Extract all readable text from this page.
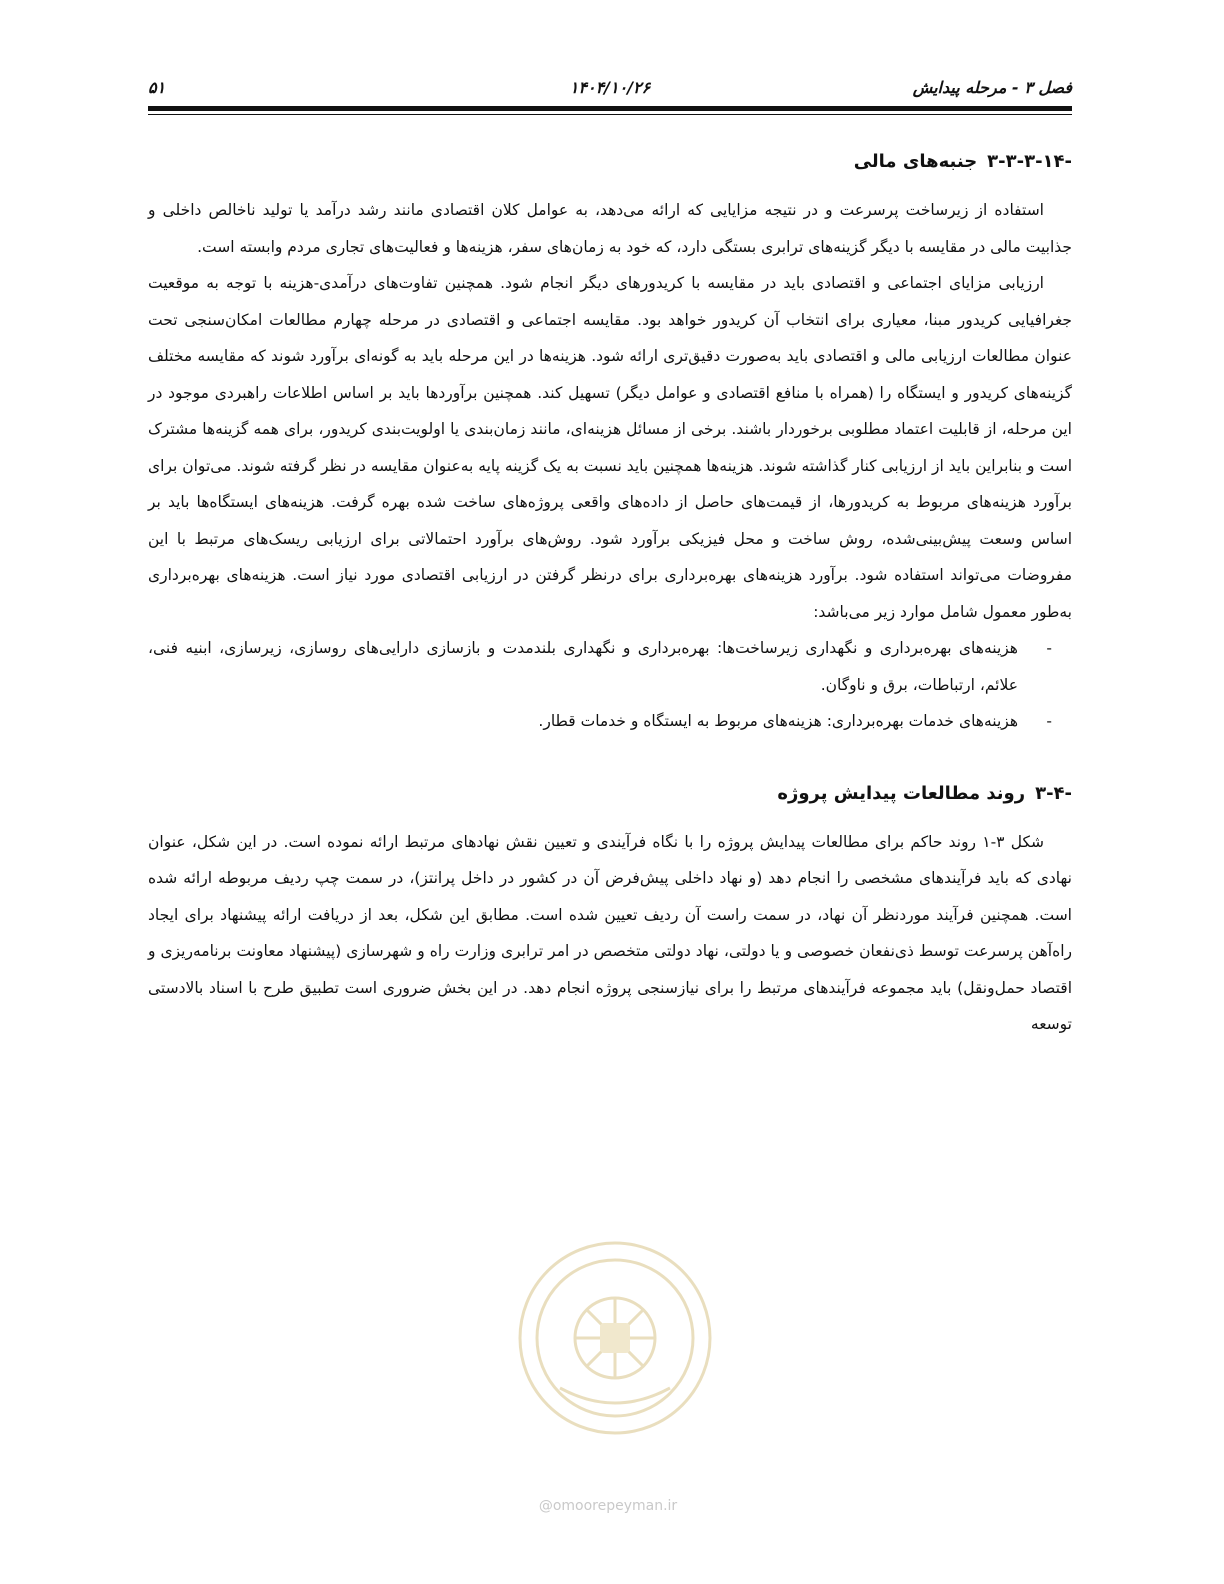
فصل ۳ - مرحله پیدایش
۱۴۰۴/۱۰/۲۶
۵۱
۳-۳-۳-۱۴-جنبه‌های مالی

استفاده از زیرساخت پرسرعت و در نتیجه مزایایی که ارائه می‌دهد، به عوامل کلان اقتصادی مانند رشد درآمد یا تولید ناخالص داخلی و جذابیت مالی در مقایسه با دیگر گزینه‌های ترابری بستگی دارد، که خود به زمان‌های سفر، هزینه‌ها و فعالیت‌های تجاری مردم وابسته است.

ارزیابی مزایای اجتماعی و اقتصادی باید در مقایسه با کریدورهای دیگر انجام شود. همچنین تفاوت‌های درآمدی-هزینه با توجه به موقعیت جغرافیایی کریدور مبنا، معیاری برای انتخاب آن کریدور خواهد بود. مقایسه اجتماعی و اقتصادی در مرحله چهارم مطالعات امکان‌سنجی تحت عنوان مطالعات ارزیابی مالی و اقتصادی باید به‌صورت دقیق‌تری ارائه شود. هزینه‌ها در این مرحله باید به گونه‌ای برآورد شوند که مقایسه مختلف گزینه‌های کریدور و ایستگاه را (همراه با منافع اقتصادی و عوامل دیگر) تسهیل کند. همچنین برآوردها باید بر اساس اطلاعات راهبردی موجود در این مرحله، از قابلیت اعتماد مطلوبی برخوردار باشند. برخی از مسائل هزینه‌ای، مانند زمان‌بندی یا اولویت‌بندی کریدور، برای همه گزینه‌ها مشترک است و بنابراین باید از ارزیابی کنار گذاشته شوند. هزینه‌ها همچنین باید نسبت به یک گزینه پایه به‌عنوان مقایسه در نظر گرفته شوند. می‌توان برای برآورد هزینه‌های مربوط به کریدورها، از قیمت‌های حاصل از داده‌های واقعی پروژه‌های ساخت شده بهره گرفت. هزینه‌های ایستگاه‌ها باید بر اساس وسعت پیش‌بینی‌شده، روش ساخت و محل فیزیکی برآورد شود. روش‌های برآورد احتمالاتی برای ارزیابی ریسک‌های مرتبط با این مفروضات می‌تواند استفاده شود. برآورد هزینه‌های بهره‌برداری برای درنظر گرفتن در ارزیابی اقتصادی مورد نیاز است. هزینه‌های بهره‌برداری به‌طور معمول شامل موارد زیر می‌باشد:

-
هزینه‌های بهره‌برداری و نگهداری زیرساخت‌ها: بهره‌برداری و نگهداری بلندمدت و بازسازی دارایی‌های روسازی، زیرسازی، ابنیه فنی، علائم، ارتباطات، برق و ناوگان.
-
هزینه‌های خدمات بهره‌برداری: هزینه‌های مربوط به ایستگاه و خدمات قطار.
۳-۴-روند مطالعات پیدایش پروژه

شکل ۳-۱ روند حاکم برای مطالعات پیدایش پروژه را با نگاه فرآیندی و تعیین نقش نهادهای مرتبط ارائه نموده است. در این شکل، عنوان نهادی که باید فرآیندهای مشخصی را انجام دهد (و نهاد داخلی پیش‌فرض آن در کشور در داخل پرانتز)، در سمت چپ ردیف مربوطه ارائه شده است. همچنین فرآیند موردنظر آن نهاد، در سمت راست آن ردیف تعیین شده است. مطابق این شکل، بعد از دریافت ارائه پیشنهاد برای ایجاد راه‌آهن پرسرعت توسط ذی‌نفعان خصوصی و یا دولتی، نهاد دولتی متخصص در امر ترابری وزارت راه و شهرسازی (پیشنهاد معاونت برنامه‌ریزی و اقتصاد حمل‌ونقل) باید مجموعه فرآیندهای مرتبط را برای نیازسنجی پروژه انجام دهد. در این بخش ضروری است تطبیق طرح با اسناد بالادستی توسعه

@omoorepeyman.ir
